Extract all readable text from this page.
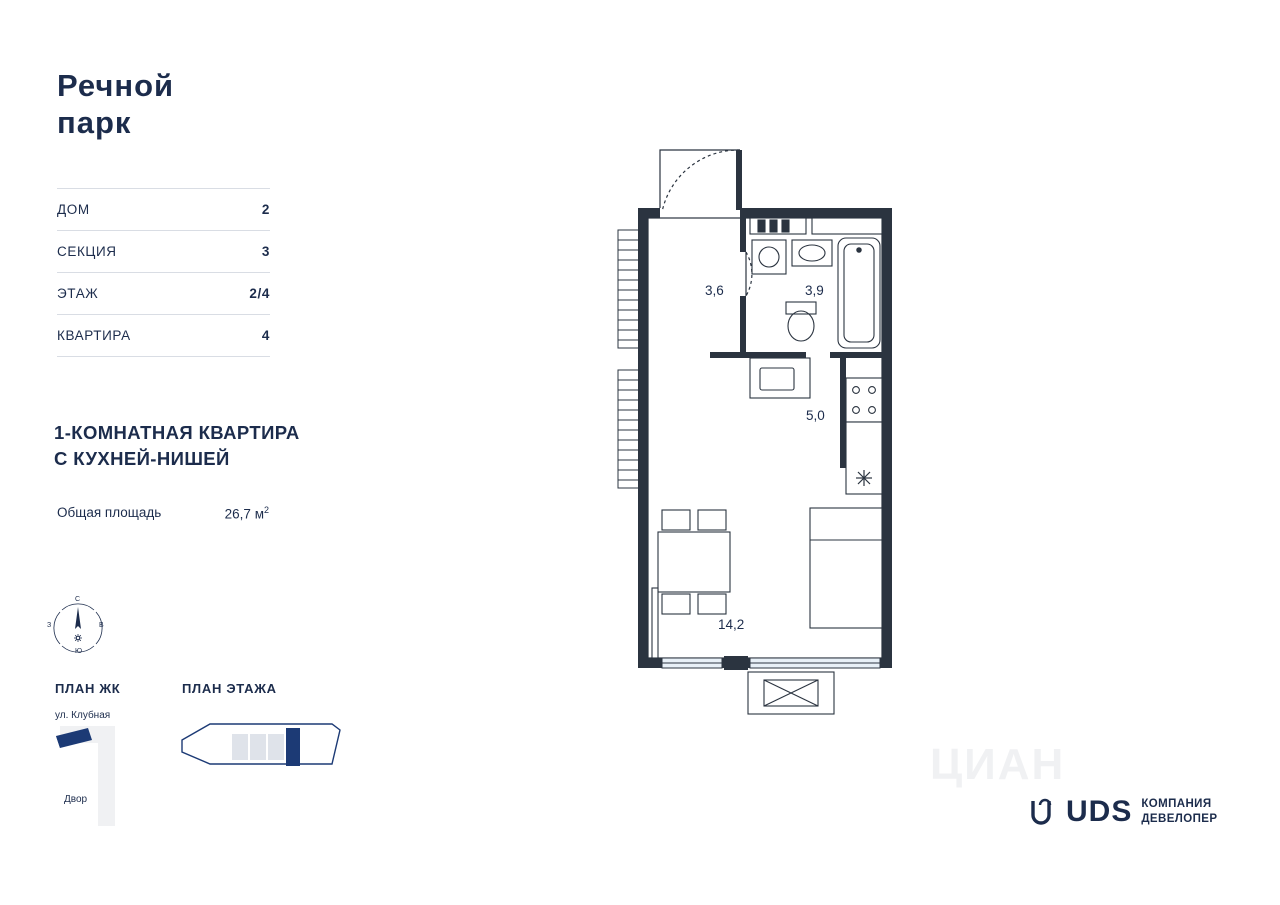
Речной
парк
ДОМ	2
СЕКЦИЯ	3
ЭТАЖ	2/4
КВАРТИРА	4
1-КОМНАТНАЯ КВАРТИРА
С КУХНЕЙ-НИШЕЙ
Общая площадь	26,7 $м^2$
С
Ю
З	В
ПЛАН ЖК	ПЛАН ЭТАЖА
ул. Клубная
Двор
3,6	3,9
5,0
14,2
ЦИАН
UDS КОМПАНИЯ
ДЕВЕЛОПЕР
